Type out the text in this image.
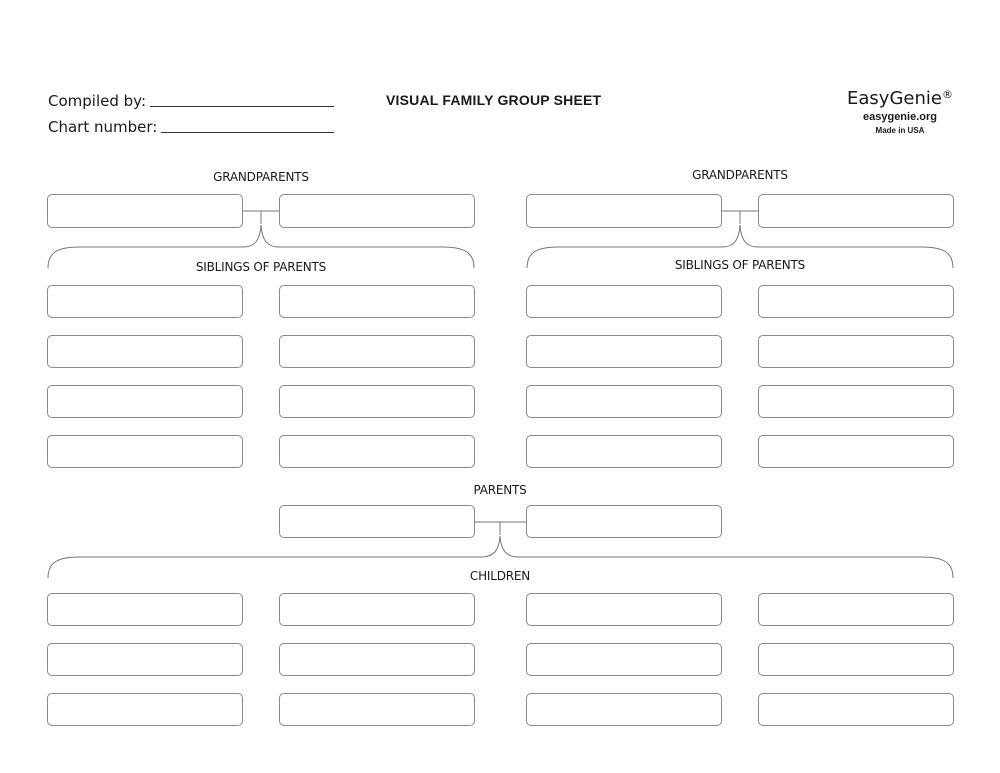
Compiled by:
Chart number:
VISUAL FAMILY GROUP SHEET	EasyGenie®
easygenie.org
Made in USA
GRANDPARENTS	GRANDPARENTS
SIBLINGS OF PARENTS	SIBLINGS OF PARENTS
PARENTS
CHILDREN
